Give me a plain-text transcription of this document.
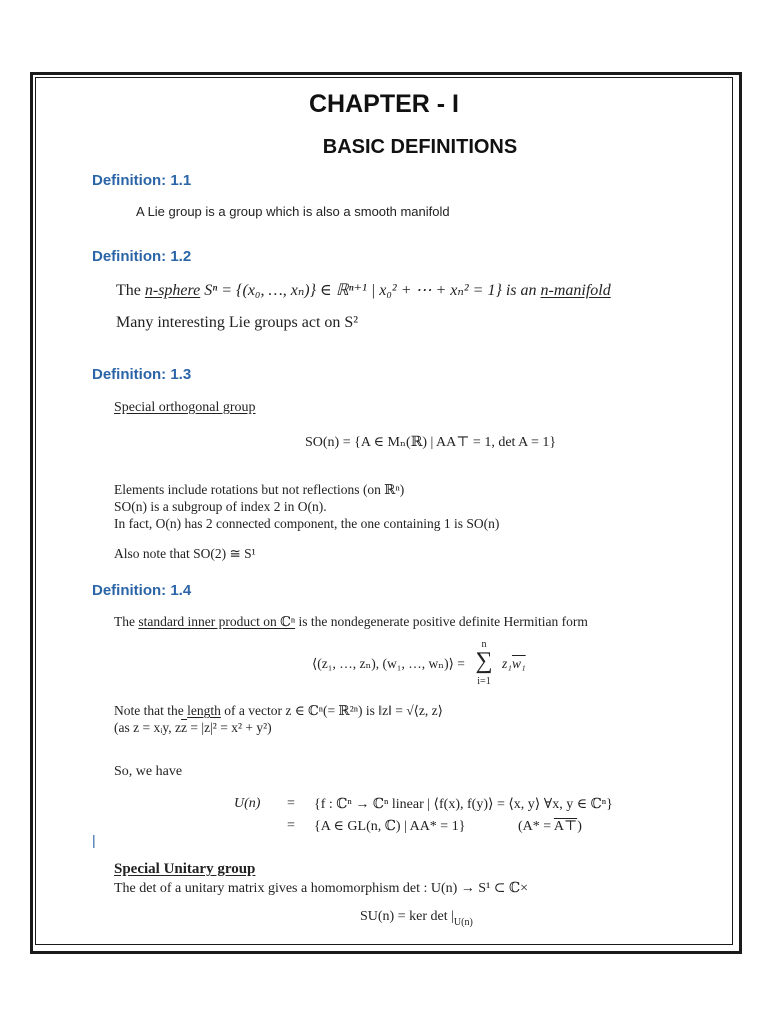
CHAPTER - I
BASIC DEFINITIONS
Definition: 1.1
A Lie group is a group which is also a smooth manifold
Definition: 1.2
The n-sphere Sⁿ = {(x₀, …, xₙ)} ∈ ℝⁿ⁺¹ | x₀² + ⋯ + xₙ² = 1} is an n-manifold
Many interesting Lie groups act on S²
Definition: 1.3
Special orthogonal group
SO(n) = {A ∈ Mₙ(ℝ) | AA⊤ = 1, det A = 1}
Elements include rotations but not reflections (on ℝⁿ)
SO(n) is a subgroup of index 2 in O(n).
In fact, O(n) has 2 connected component, the one containing 1 is SO(n)
Also note that SO(2) ≅ S¹
Definition: 1.4
The standard inner product on ℂⁿ is the nondegenerate positive definite Hermitian form
⟨(z₁, …, zₙ), (w₁, …, wₙ)⟩ =
n
∑
i=1
z₁w₁
Note that the length of a vector z ∈ ℂⁿ(= ℝ²ⁿ) is ‖z‖ = √⟨z, z⟩
(as z = xᵢy, $z\overline{z} = |z|^2 = x^2 + y^2$)
So, we have
U(n) = {f : ℂⁿ → ℂⁿ linear | ⟨f(x), f(y)⟩ = ⟨x, y⟩ ∀x, y ∈ ℂⁿ}
= {A ∈ GL(n, ℂ) | AA* = 1}	(A* = A⊤)
|
Special Unitary group
The det of a unitary matrix gives a homomorphism det : U(n) → S¹ ⊂ ℂ×
SU(n) = ker $\det |_{U(n)}$
